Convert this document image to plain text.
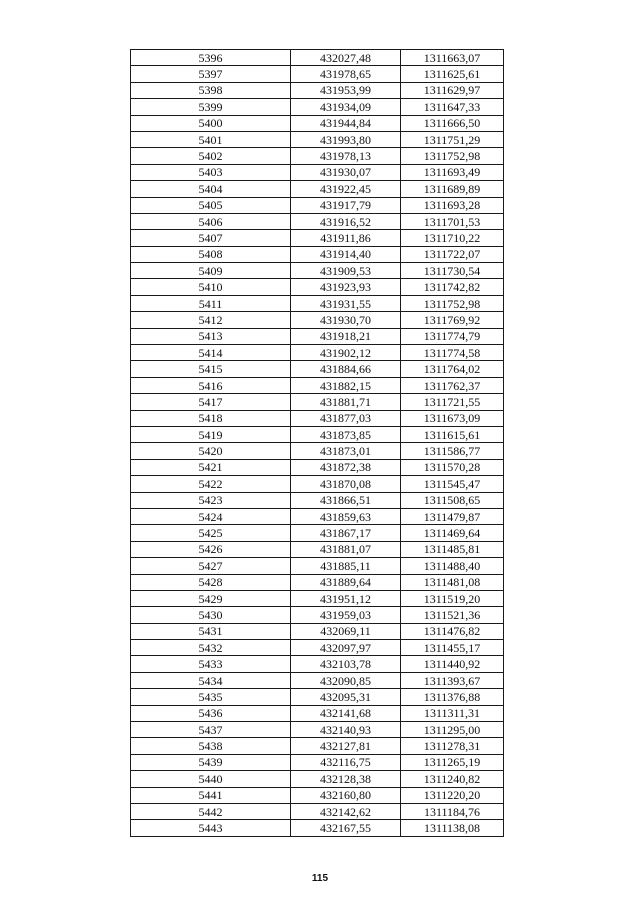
5396	432027,48	1311663,07
5397	431978,65	1311625,61
5398	431953,99	1311629,97
5399	431934,09	1311647,33
5400	431944,84	1311666,50
5401	431993,80	1311751,29
5402	431978,13	1311752,98
5403	431930,07	1311693,49
5404	431922,45	1311689,89
5405	431917,79	1311693,28
5406	431916,52	1311701,53
5407	431911,86	1311710,22
5408	431914,40	1311722,07
5409	431909,53	1311730,54
5410	431923,93	1311742,82
5411	431931,55	1311752,98
5412	431930,70	1311769,92
5413	431918,21	1311774,79
5414	431902,12	1311774,58
5415	431884,66	1311764,02
5416	431882,15	1311762,37
5417	431881,71	1311721,55
5418	431877,03	1311673,09
5419	431873,85	1311615,61
5420	431873,01	1311586,77
5421	431872,38	1311570,28
5422	431870,08	1311545,47
5423	431866,51	1311508,65
5424	431859,63	1311479,87
5425	431867,17	1311469,64
5426	431881,07	1311485,81
5427	431885,11	1311488,40
5428	431889,64	1311481,08
5429	431951,12	1311519,20
5430	431959,03	1311521,36
5431	432069,11	1311476,82
5432	432097,97	1311455,17
5433	432103,78	1311440,92
5434	432090,85	1311393,67
5435	432095,31	1311376,88
5436	432141,68	1311311,31
5437	432140,93	1311295,00
5438	432127,81	1311278,31
5439	432116,75	1311265,19
5440	432128,38	1311240,82
5441	432160,80	1311220,20
5442	432142,62	1311184,76
5443	432167,55	1311138,08
115
